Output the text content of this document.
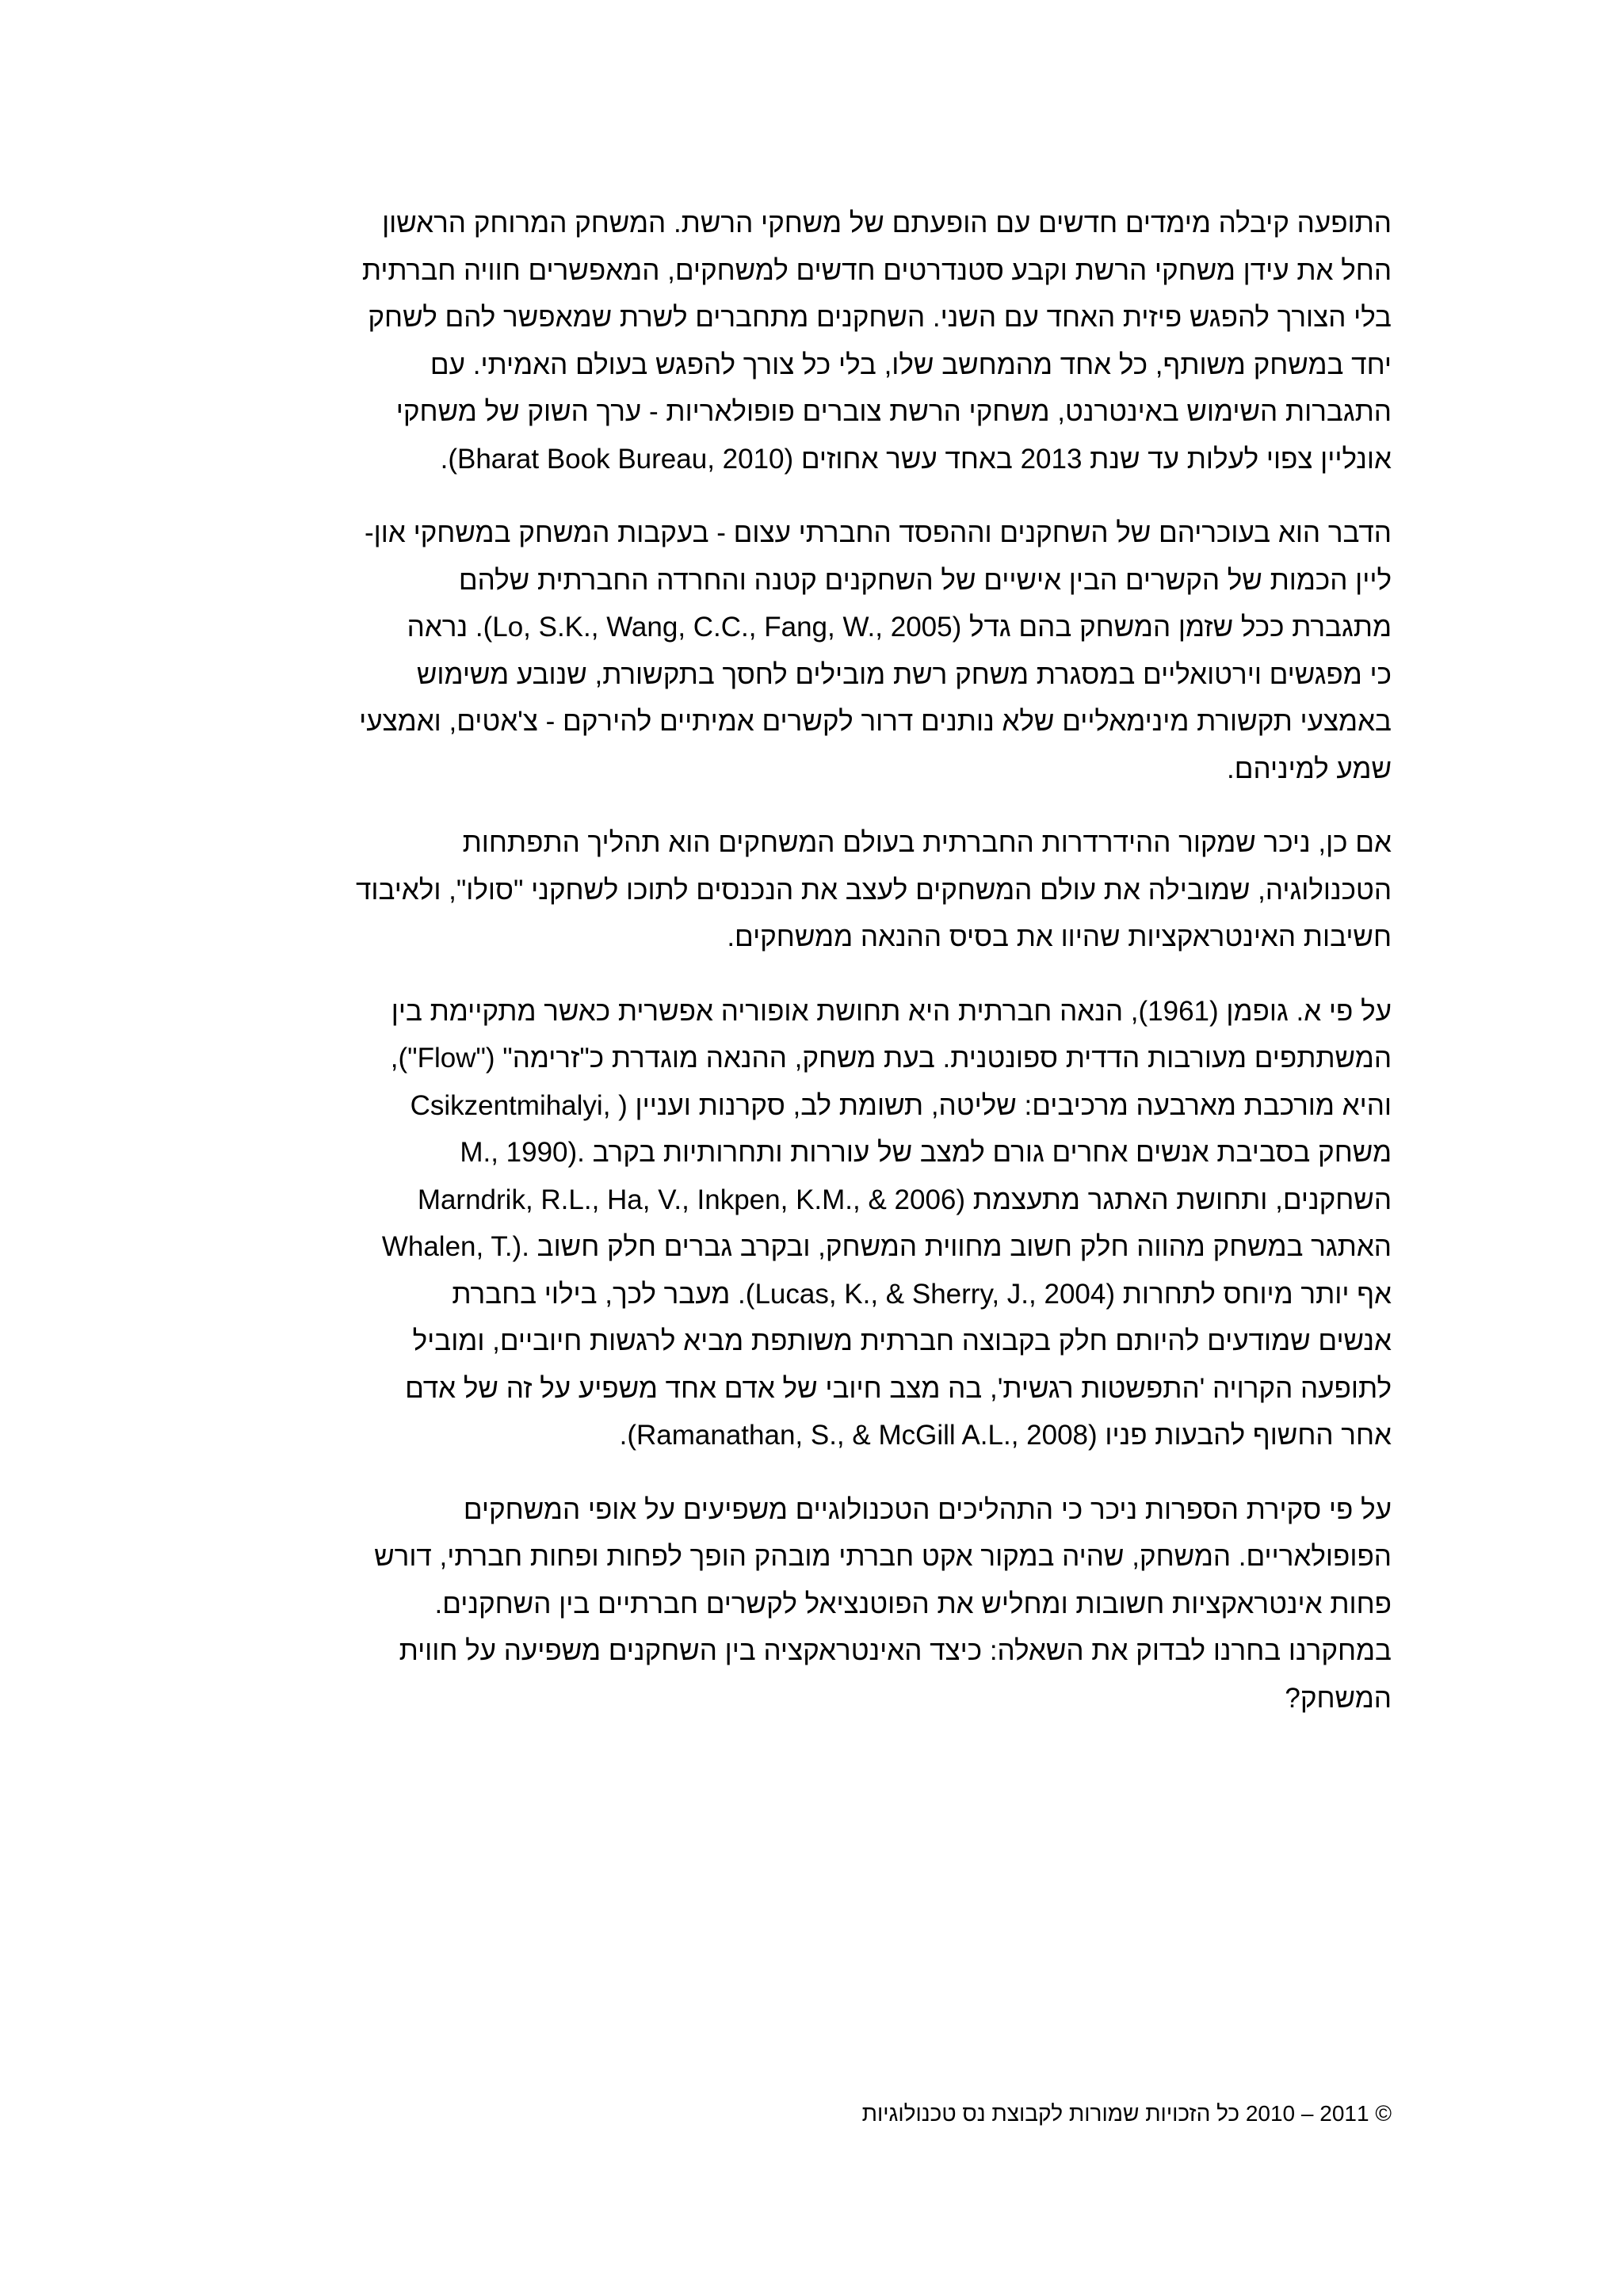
התופעה קיבלה מימדים חדשים עם הופעתם של משחקי הרשת. המשחק המרוחק הראשון
החל את עידן משחקי הרשת וקבע סטנדרטים חדשים למשחקים, המאפשרים חוויה חברתית
בלי הצורך להפגש פיזית האחד עם השני. השחקנים מתחברים לשרת שמאפשר להם לשחק
יחד במשחק משותף, כל אחד מהמחשב שלו, בלי כל צורך להפגש בעולם האמיתי. עם
התגברות השימוש באינטרנט, משחקי הרשת צוברים פופולאריות - ערך השוק של משחקי
אונליין צפוי לעלות עד שנת 2013 באחד עשר אחוזים (Bharat Book Bureau, 2010).

הדבר הוא בעוכריהם של השחקנים וההפסד החברתי עצום - בעקבות המשחק במשחקי און-
ליין הכמות של הקשרים הבין אישיים של השחקנים קטנה והחרדה החברתית שלהם
מתגברת ככל שזמן המשחק בהם גדל (Lo, S.K., Wang, C.C., Fang, W., 2005). נראה
כי מפגשים וירטואליים במסגרת משחק רשת מובילים לחסך בתקשורת, שנובע משימוש
באמצעי תקשורת מינימאליים שלא נותנים דרור לקשרים אמיתיים להירקם - צ'אטים, ואמצעי
שמע למיניהם.

אם כן, ניכר שמקור ההידרדרות החברתית בעולם המשחקים הוא תהליך התפתחות
הטכנולוגיה, שמובילה את עולם המשחקים לעצב את הנכנסים לתוכו לשחקני "סולו", ולאיבוד
חשיבות האינטראקציות שהיוו את בסיס ההנאה ממשחקים.

על פי א. גופמן (1961), הנאה חברתית היא תחושת אופוריה אפשרית כאשר מתקיימת בין
המשתתפים מעורבות הדדית ספונטנית. בעת משחק, ההנאה מוגדרת כ"זרימה" ("Flow"),
והיא מורכבת מארבעה מרכיבים: שליטה, תשומת לב, סקרנות ועניין ( ,Csikzentmihalyi
M., 1990). משחק בסביבת אנשים אחרים גורם למצב של עוררות ותחרותיות בקרב
השחקנים, ותחושת האתגר מתעצמת (Marndrik, R.L., Ha, V., Inkpen, K.M., & 2006
Whalen, T.). האתגר במשחק מהווה חלק חשוב מחווית המשחק, ובקרב גברים חלק חשוב
אף יותר מיוחס לתחרות (Lucas, K., & Sherry, J., 2004). מעבר לכך, בילוי בחברת
אנשים שמודעים להיותם חלק בקבוצה חברתית משותפת מביא לרגשות חיוביים, ומוביל
לתופעה הקרויה 'התפשטות רגשית', בה מצב חיובי של אדם אחד משפיע על זה של אדם
אחר החשוף להבעות פניו (Ramanathan, S., & McGill A.L., 2008).

על פי סקירת הספרות ניכר כי התהליכים הטכנולוגיים משפיעים על אופי המשחקים
הפופולאריים. המשחק, שהיה במקור אקט חברתי מובהק הופך לפחות ופחות חברתי, דורש
פחות אינטראקציות חשובות ומחליש את הפוטנציאל לקשרים חברתיים בין השחקנים.
במחקרנו בחרנו לבדוק את השאלה: כיצד האינטראקציה בין השחקנים משפיעה על חווית
המשחק?

© 2011 – 2010 כל הזכויות שמורות לקבוצת נס טכנולוגיות
